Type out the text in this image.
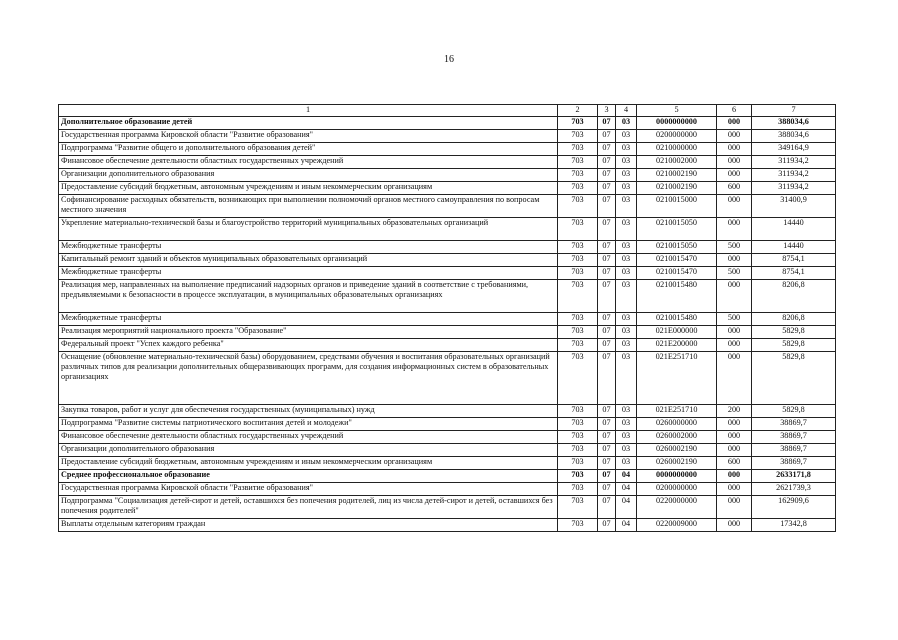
16
1	2	3	4	5	6	7
Дополнительное образование детей	703	07	03	0000000000	000	388034,6
Государственная программа Кировской области "Развитие образования"	703	07	03	0200000000	000	388034,6
Подпрограмма "Развитие общего и дополнительного образования детей"	703	07	03	0210000000	000	349164,9
Финансовое обеспечение деятельности областных государственных учреждений	703	07	03	0210002000	000	311934,2
Организации дополнительного образования	703	07	03	0210002190	000	311934,2
Предоставление субсидий бюджетным, автономным учреждениям и иным некоммерческим организациям	703	07	03	0210002190	600	311934,2
Софинансирование расходных обязательств, возникающих при выполнении полномочий органов местного самоуправления по вопросам местного значения	703	07	03	0210015000	000	31400,9
Укрепление материально-технической базы и благоустройство территорий муниципальных образовательных организаций	703	07	03	0210015050	000	14440
Межбюджетные трансферты	703	07	03	0210015050	500	14440
Капитальный ремонт зданий и объектов муниципальных образовательных организаций	703	07	03	0210015470	000	8754,1
Межбюджетные трансферты	703	07	03	0210015470	500	8754,1
Реализация мер, направленных на выполнение предписаний надзорных органов и приведение зданий в соответствие с требованиями, предъявляемыми к безопасности в процессе эксплуатации, в муниципальных образовательных организациях	703	07	03	0210015480	000	8206,8
Межбюджетные трансферты	703	07	03	0210015480	500	8206,8
Реализация мероприятий национального проекта "Образование"	703	07	03	021E000000	000	5829,8
Федеральный проект "Успех каждого ребенка"	703	07	03	021E200000	000	5829,8
Оснащение (обновление материально-технической базы) оборудованием, средствами обучения и воспитания образовательных организаций различных типов для реализации дополнительных общеразвивающих программ, для создания информационных систем в образовательных организациях	703	07	03	021E251710	000	5829,8
Закупка товаров, работ и услуг для обеспечения государственных (муниципальных) нужд	703	07	03	021E251710	200	5829,8
Подпрограмма "Развитие системы патриотического воспитания детей и молодежи"	703	07	03	0260000000	000	38869,7
Финансовое обеспечение деятельности областных государственных учреждений	703	07	03	0260002000	000	38869,7
Организации дополнительного образования	703	07	03	0260002190	000	38869,7
Предоставление субсидий бюджетным, автономным учреждениям и иным некоммерческим организациям	703	07	03	0260002190	600	38869,7
Среднее профессиональное образование	703	07	04	0000000000	000	2633171,8
Государственная программа Кировской области "Развитие образования"	703	07	04	0200000000	000	2621739,3
Подпрограмма "Социализация детей-сирот и детей, оставшихся без попечения родителей, лиц из числа детей-сирот и детей, оставшихся без попечения родителей"	703	07	04	0220000000	000	162909,6
Выплаты отдельным категориям граждан	703	07	04	0220009000	000	17342,8
